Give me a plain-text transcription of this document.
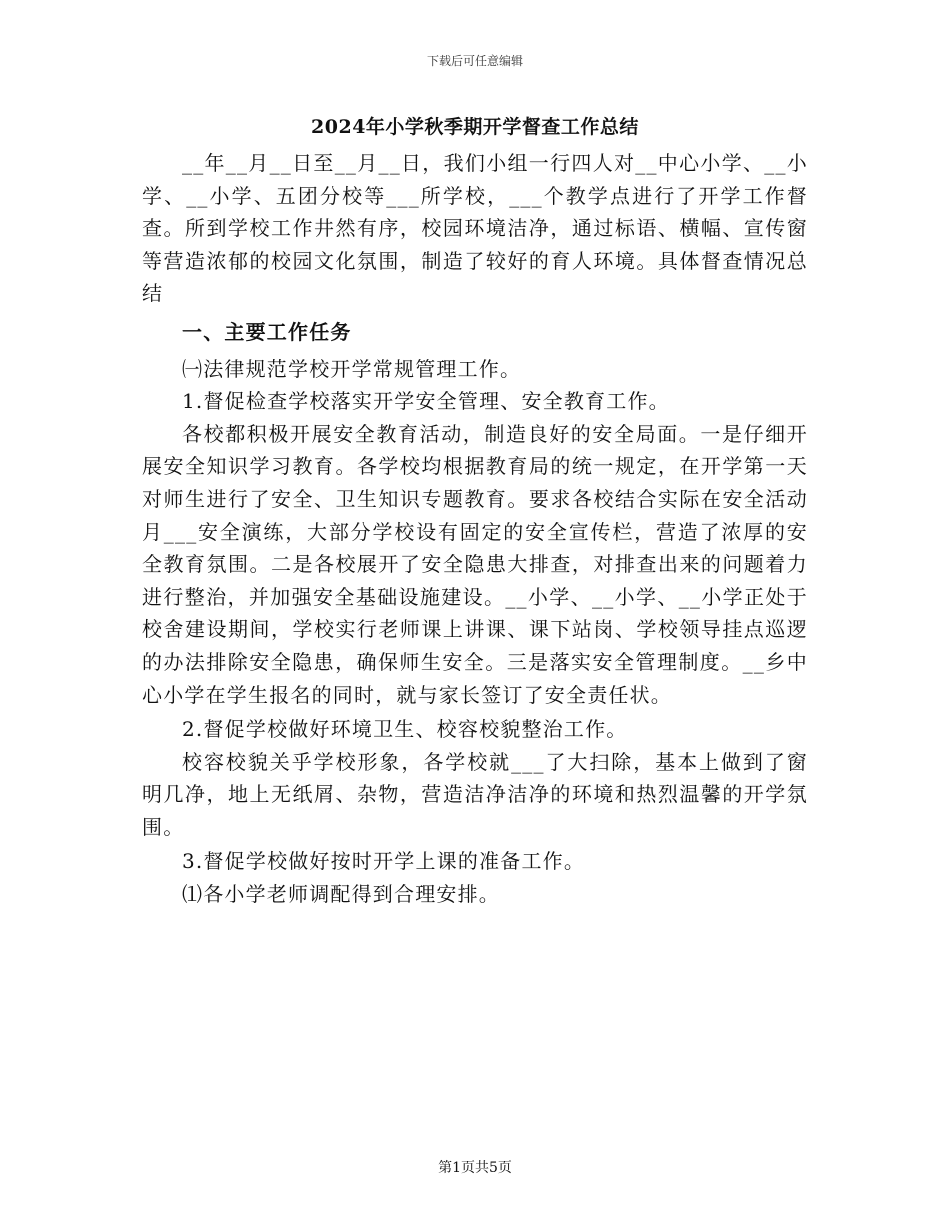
下载后可任意编辑
2024年小学秋季期开学督查工作总结

__年__月__日至__月__日，我们小组一行四人对__中心小学、__小学、__小学、五团分校等___所学校，___个教学点进行了开学工作督查。所到学校工作井然有序，校园环境洁净，通过标语、横幅、宣传窗等营造浓郁的校园文化氛围，制造了较好的育人环境。具体督查情况总结

一、主要工作任务

㈠法律规范学校开学常规管理工作。

1.督促检查学校落实开学安全管理、安全教育工作。

各校都积极开展安全教育活动，制造良好的安全局面。一是仔细开展安全知识学习教育。各学校均根据教育局的统一规定，在开学第一天对师生进行了安全、卫生知识专题教育。要求各校结合实际在安全活动月___安全演练，大部分学校设有固定的安全宣传栏，营造了浓厚的安全教育氛围。二是各校展开了安全隐患大排查，对排查出来的问题着力进行整治，并加强安全基础设施建设。__小学、__小学、__小学正处于校舍建设期间，学校实行老师课上讲课、课下站岗、学校领导挂点巡逻的办法排除安全隐患，确保师生安全。三是落实安全管理制度。__乡中心小学在学生报名的同时，就与家长签订了安全责任状。

2.督促学校做好环境卫生、校容校貌整治工作。

校容校貌关乎学校形象，各学校就___了大扫除，基本上做到了窗明几净，地上无纸屑、杂物，营造洁净洁净的环境和热烈温馨的开学氛围。

3.督促学校做好按时开学上课的准备工作。

⑴各小学老师调配得到合理安排。

第1页共5页
